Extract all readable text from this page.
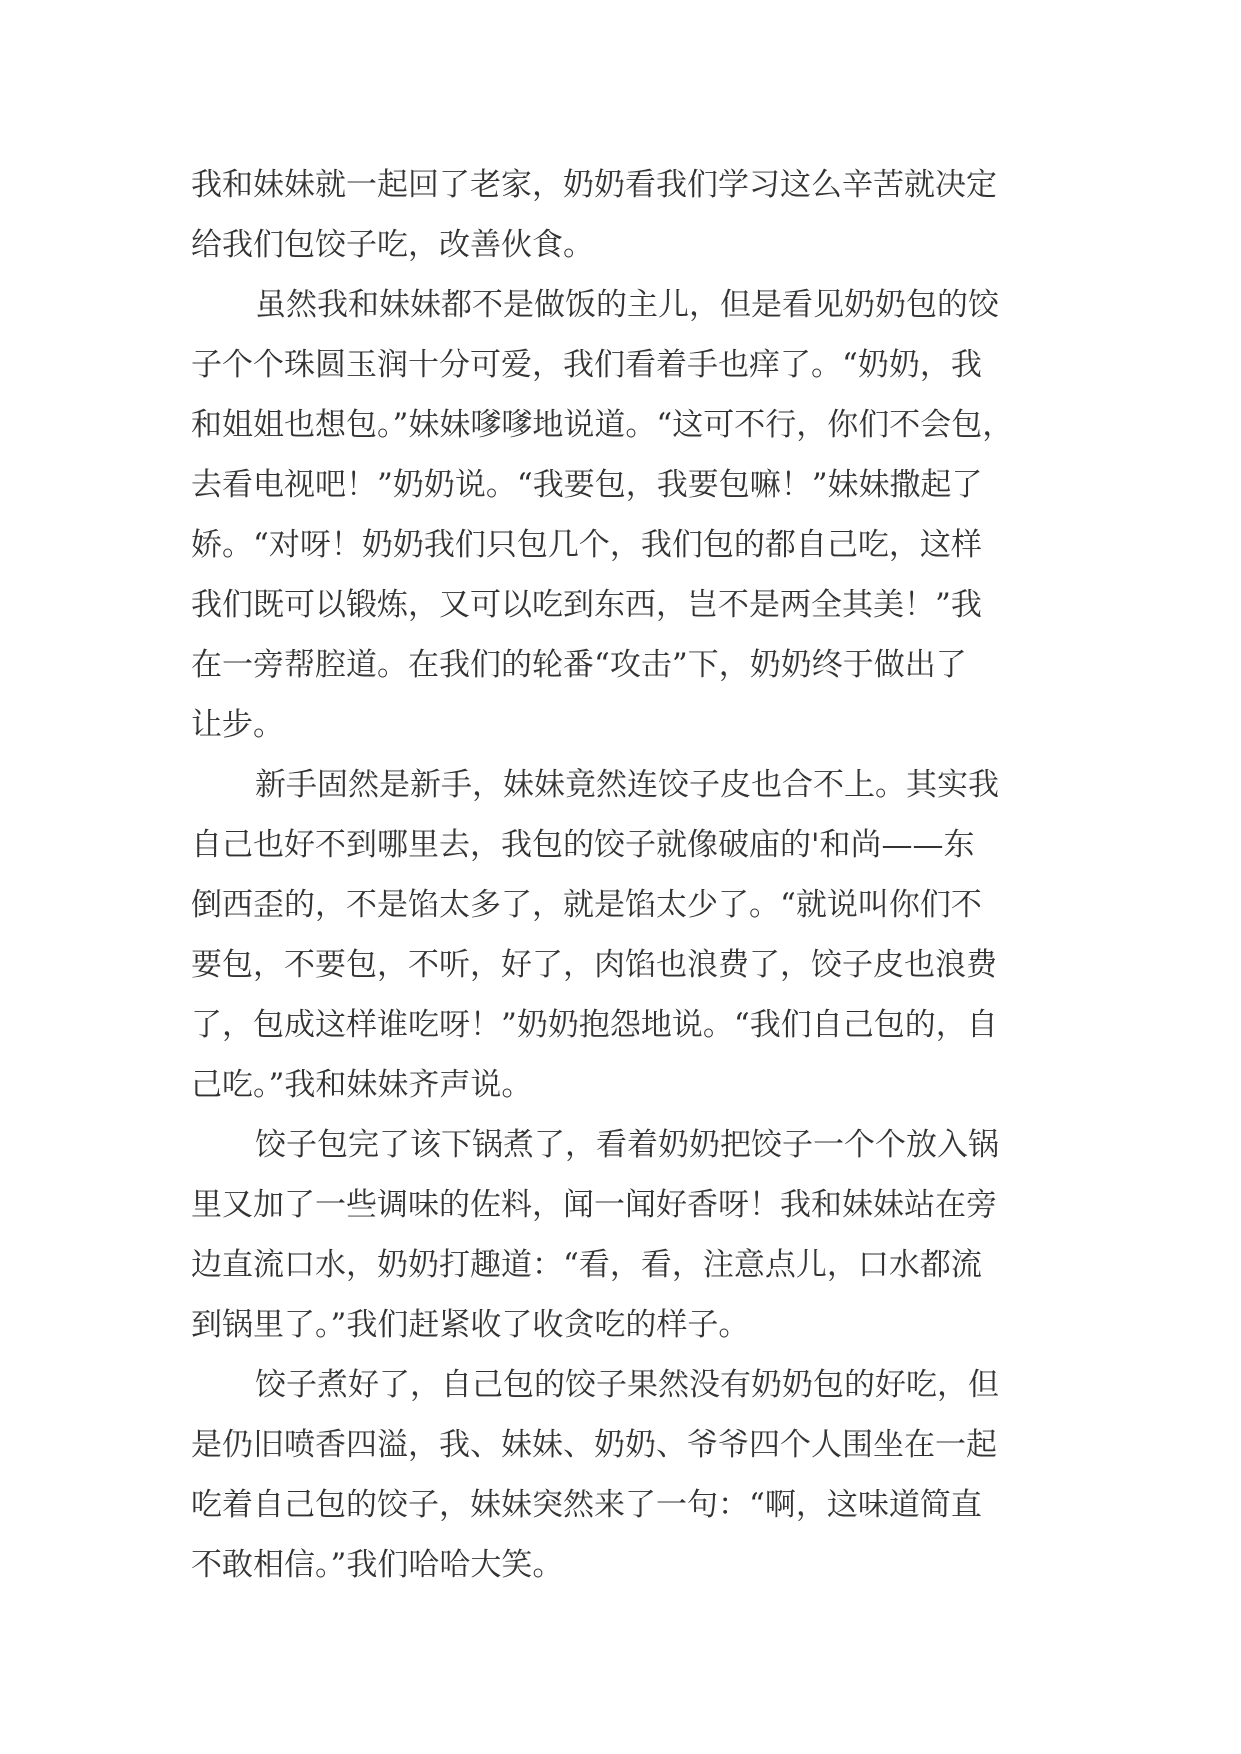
我和妹妹就一起回了老家，奶奶看我们学习这么辛苦就决定
给我们包饺子吃，改善伙食。
虽然我和妹妹都不是做饭的主儿，但是看见奶奶包的饺
子个个珠圆玉润十分可爱，我们看着手也痒了。“奶奶，我
和姐姐也想包。”妹妹嗲嗲地说道。“这可不行，你们不会包，
去看电视吧！”奶奶说。“我要包，我要包嘛！”妹妹撒起了
娇。“对呀！奶奶我们只包几个，我们包的都自己吃，这样
我们既可以锻炼，又可以吃到东西，岂不是两全其美！”我
在一旁帮腔道。在我们的轮番“攻击”下，奶奶终于做出了
让步。
新手固然是新手，妹妹竟然连饺子皮也合不上。其实我
自己也好不到哪里去，我包的饺子就像破庙的'和尚——东
倒西歪的，不是馅太多了，就是馅太少了。“就说叫你们不
要包，不要包，不听，好了，肉馅也浪费了，饺子皮也浪费
了，包成这样谁吃呀！”奶奶抱怨地说。“我们自己包的，自
己吃。”我和妹妹齐声说。
饺子包完了该下锅煮了，看着奶奶把饺子一个个放入锅
里又加了一些调味的佐料，闻一闻好香呀！我和妹妹站在旁
边直流口水，奶奶打趣道：“看，看，注意点儿，口水都流
到锅里了。”我们赶紧收了收贪吃的样子。
饺子煮好了，自己包的饺子果然没有奶奶包的好吃，但
是仍旧喷香四溢，我、妹妹、奶奶、爷爷四个人围坐在一起
吃着自己包的饺子，妹妹突然来了一句：“啊，这味道简直
不敢相信。”我们哈哈大笑。
